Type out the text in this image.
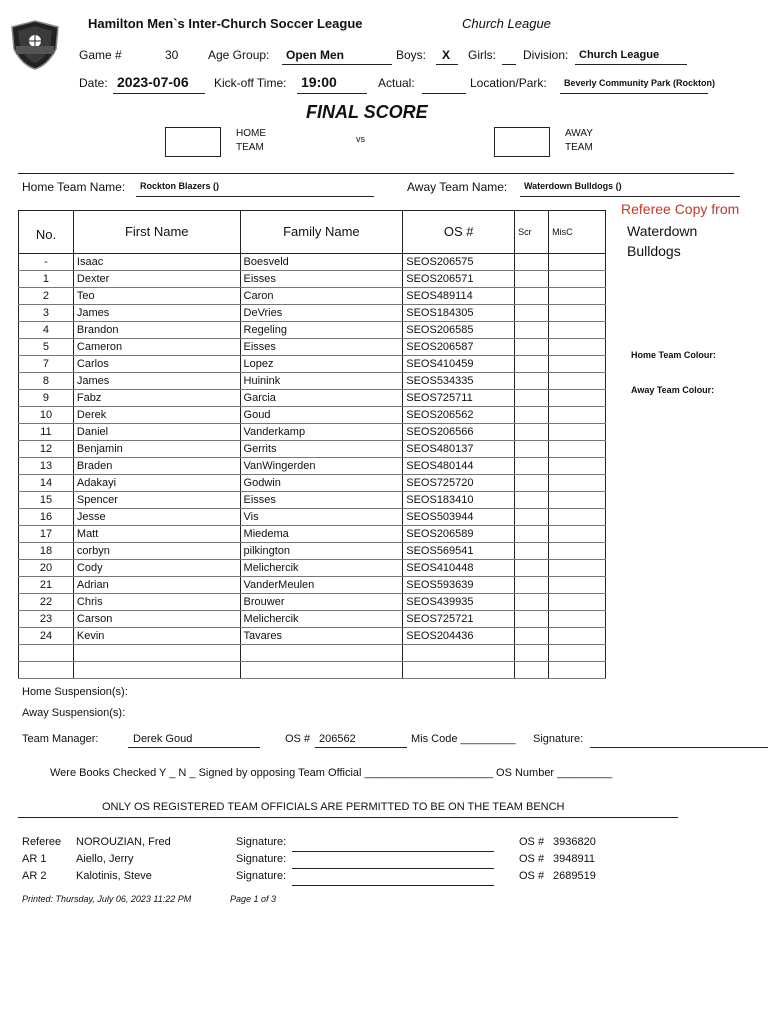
Hamilton Men`s Inter-Church Soccer League	Church League
Game #	30 Age Group: Open Men	Boys: X Girls: Division: Church League
Date: 2023-07-06 Kick-off Time: 19:00	Actual:	Location/Park: Beverly Community Park (Rockton)
FINAL SCORE
HOME
TEAM
vs	AWAY
TEAM
Home Team Name: Rockton Blazers ()	Away Team Name: Waterdown Bulldogs ()
Referee Copy from
Waterdown
Bulldogs
Home Team Colour:
Away Team Colour:
No.	First Name	Family Name	OS #	Scr	MisC
-	Isaac	Boesveld	SEOS206575		
1	Dexter	Eisses	SEOS206571		
2	Teo	Caron	SEOS489114		
3	James	DeVries	SEOS184305		
4	Brandon	Regeling	SEOS206585		
5	Cameron	Eisses	SEOS206587		
7	Carlos	Lopez	SEOS410459		
8	James	Huinink	SEOS534335		
9	Fabz	Garcia	SEOS725711		
10	Derek	Goud	SEOS206562		
11	Daniel	Vanderkamp	SEOS206566		
12	Benjamin	Gerrits	SEOS480137		
13	Braden	VanWingerden	SEOS480144		
14	Adakayi	Godwin	SEOS725720		
15	Spencer	Eisses	SEOS183410		
16	Jesse	Vis	SEOS503944		
17	Matt	Miedema	SEOS206589		
18	corbyn	pilkington	SEOS569541		
20	Cody	Melichercik	SEOS410448		
21	Adrian	VanderMeulen	SEOS593639		
22	Chris	Brouwer	SEOS439935		
23	Carson	Melichercik	SEOS725721		
24	Kevin	Tavares	SEOS204436		

Home Suspension(s):
Away Suspension(s):
Team Manager:	Derek Goud	OS # 206562	Mis Code _________ Signature:
Were Books Checked Y _ N _ Signed by opposing Team Official _____________________ OS Number _________
ONLY OS REGISTERED TEAM OFFICIALS ARE PERMITTED TO BE ON THE TEAM BENCH
Referee NOROUZIAN, Fred	Signature:	OS # 3936820
AR 1	Aiello, Jerry	Signature:	OS # 3948911
AR 2	Kalotinis, Steve	Signature:	OS # 2689519
Printed: Thursday, July 06, 2023 11:22 PM	Page 1 of 3
